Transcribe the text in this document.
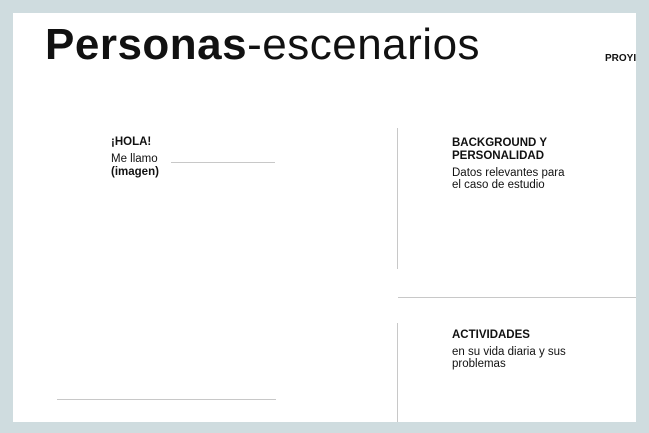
Personas-escenarios	PROYI
¡HOLA!
Me llamo
(imagen)
BACKGROUND Y
PERSONALIDAD
Datos relevantes para
el caso de estudio
ACTIVIDADES
en su vida diaria y sus
problemas
